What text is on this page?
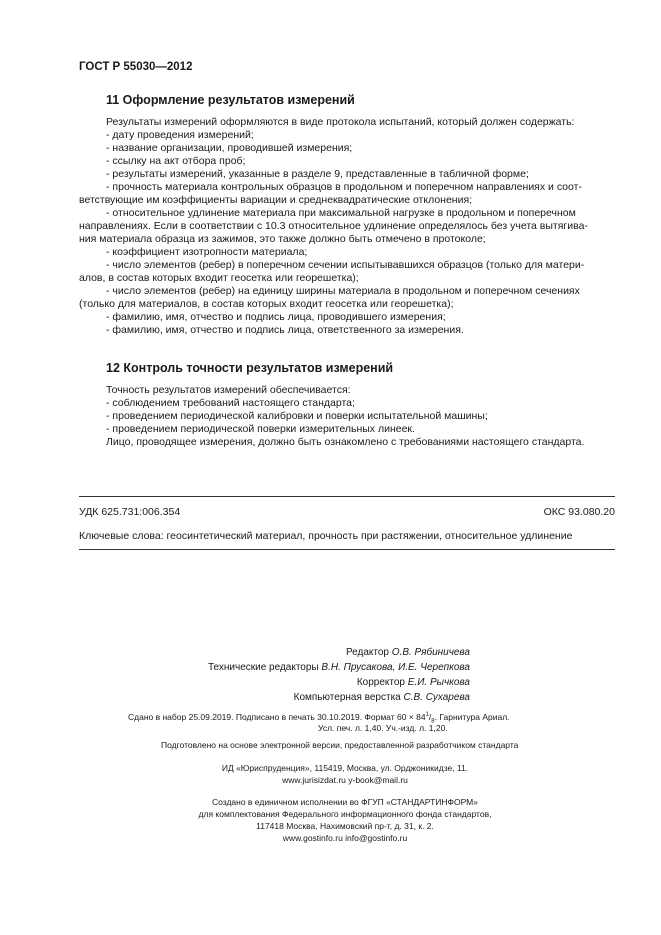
ГОСТ Р 55030—2012
11 Оформление результатов измерений

Результаты измерений оформляются в виде протокола испытаний, который должен содержать:

- дату проведения измерений;

- название организации, проводившей измерения;

- ссылку на акт отбора проб;

- результаты измерений, указанные в разделе 9, представленные в табличной форме;

- прочность материала контрольных образцов в продольном и поперечном направлениях и соот-

ветствующие им коэффициенты вариации и среднеквадратические отклонения;

- относительное удлинение материала при максимальной нагрузке в продольном и поперечном

направлениях. Если в соответствии с 10.3 относительное удлинение определялось без учета вытягива-

ния материала образца из зажимов, это также должно быть отмечено в протоколе;

- коэффициент изотропности материала;

- число элементов (ребер) в поперечном сечении испытывавшихся образцов (только для матери-

алов, в состав которых входит геосетка или георешетка);

- число элементов (ребер) на единицу ширины материала в продольном и поперечном сечениях

(только для материалов, в состав которых входит геосетка или георешетка);

- фамилию, имя, отчество и подпись лица, проводившего измерения;

- фамилию, имя, отчество и подпись лица, ответственного за измерения.

12 Контроль точности результатов измерений

Точность результатов измерений обеспечивается:

- соблюдением требований настоящего стандарта;

- проведением периодической калибровки и поверки испытательной машины;

- проведением периодической поверки измерительных линеек.

Лицо, проводящее измерения, должно быть ознакомлено с требованиями настоящего стандарта.

УДК 625.731:006.354	ОКС 93.080.20
Ключевые слова: геосинтетический материал, прочность при растяжении, относительное удлинение
Редактор О.В. Рябиничева
Технические редакторы В.Н. Прусакова, И.Е. Черепкова
Корректор Е.И. Рычкова
Компьютерная верстка С.В. Сухарева
Сдано в набор 25.09.2019. Подписано в печать 30.10.2019. Формат $60 \times 84^1/_8$. Гарнитура Ариал.
Усл. печ. л. 1,40. Уч.-изд. л. 1,20.
Подготовлено на основе электронной версии, предоставленной разработчиком стандарта
ИД «Юриспруденция», 115419, Москва, ул. Орджоникидзе, 11.
www.jurisizdat.ru y-book@mail.ru
Создано в единичном исполнении во ФГУП «СТАНДАРТИНФОРМ»
для комплектования Федерального информационного фонда стандартов,
117418 Москва, Нахимовский пр-т, д. 31, к. 2.
www.gostinfo.ru info@gostinfo.ru
